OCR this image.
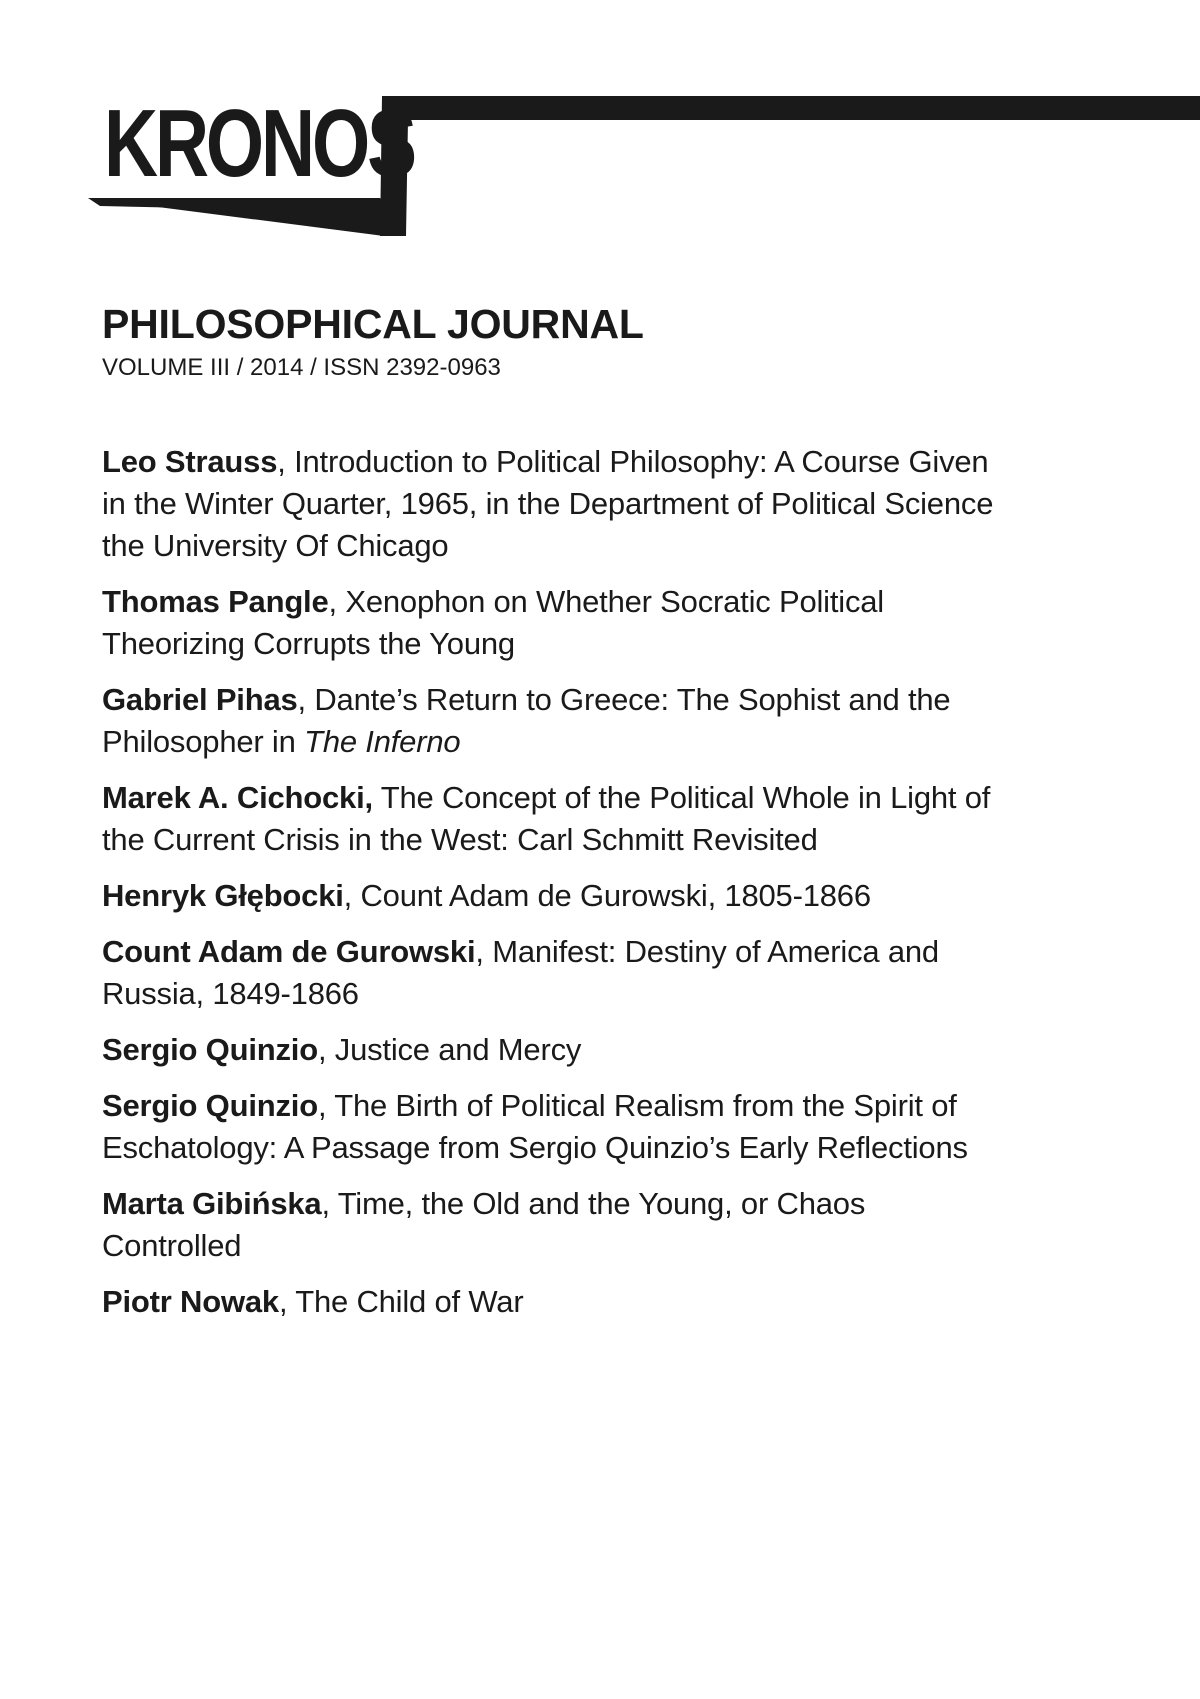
KRONOS
PHILOSOPHICAL JOURNAL

VOLUME III / 2014 / ISSN 2392-0963

Leo Strauss, Introduction to Political Philosophy: A Course Given in the Winter Quarter, 1965, in the Department of Political Science the University Of Chicago
Thomas Pangle, Xenophon on Whether Socratic Political Theorizing Corrupts the Young
Gabriel Pihas, Dante’s Return to Greece: The Sophist and the Philosopher in The Inferno
Marek A. Cichocki, The Concept of the Political Whole in Light of the Current Crisis in the West: Carl Schmitt Revisited
Henryk Głębocki, Count Adam de Gurowski, 1805-1866
Count Adam de Gurowski, Manifest: Destiny of America and Russia, 1849-1866
Sergio Quinzio, Justice and Mercy
Sergio Quinzio, The Birth of Political Realism from the Spirit of Eschatology: A Passage from Sergio Quinzio’s Early Reflections
Marta Gibińska, Time, the Old and the Young, or Chaos Controlled
Piotr Nowak, The Child of War
